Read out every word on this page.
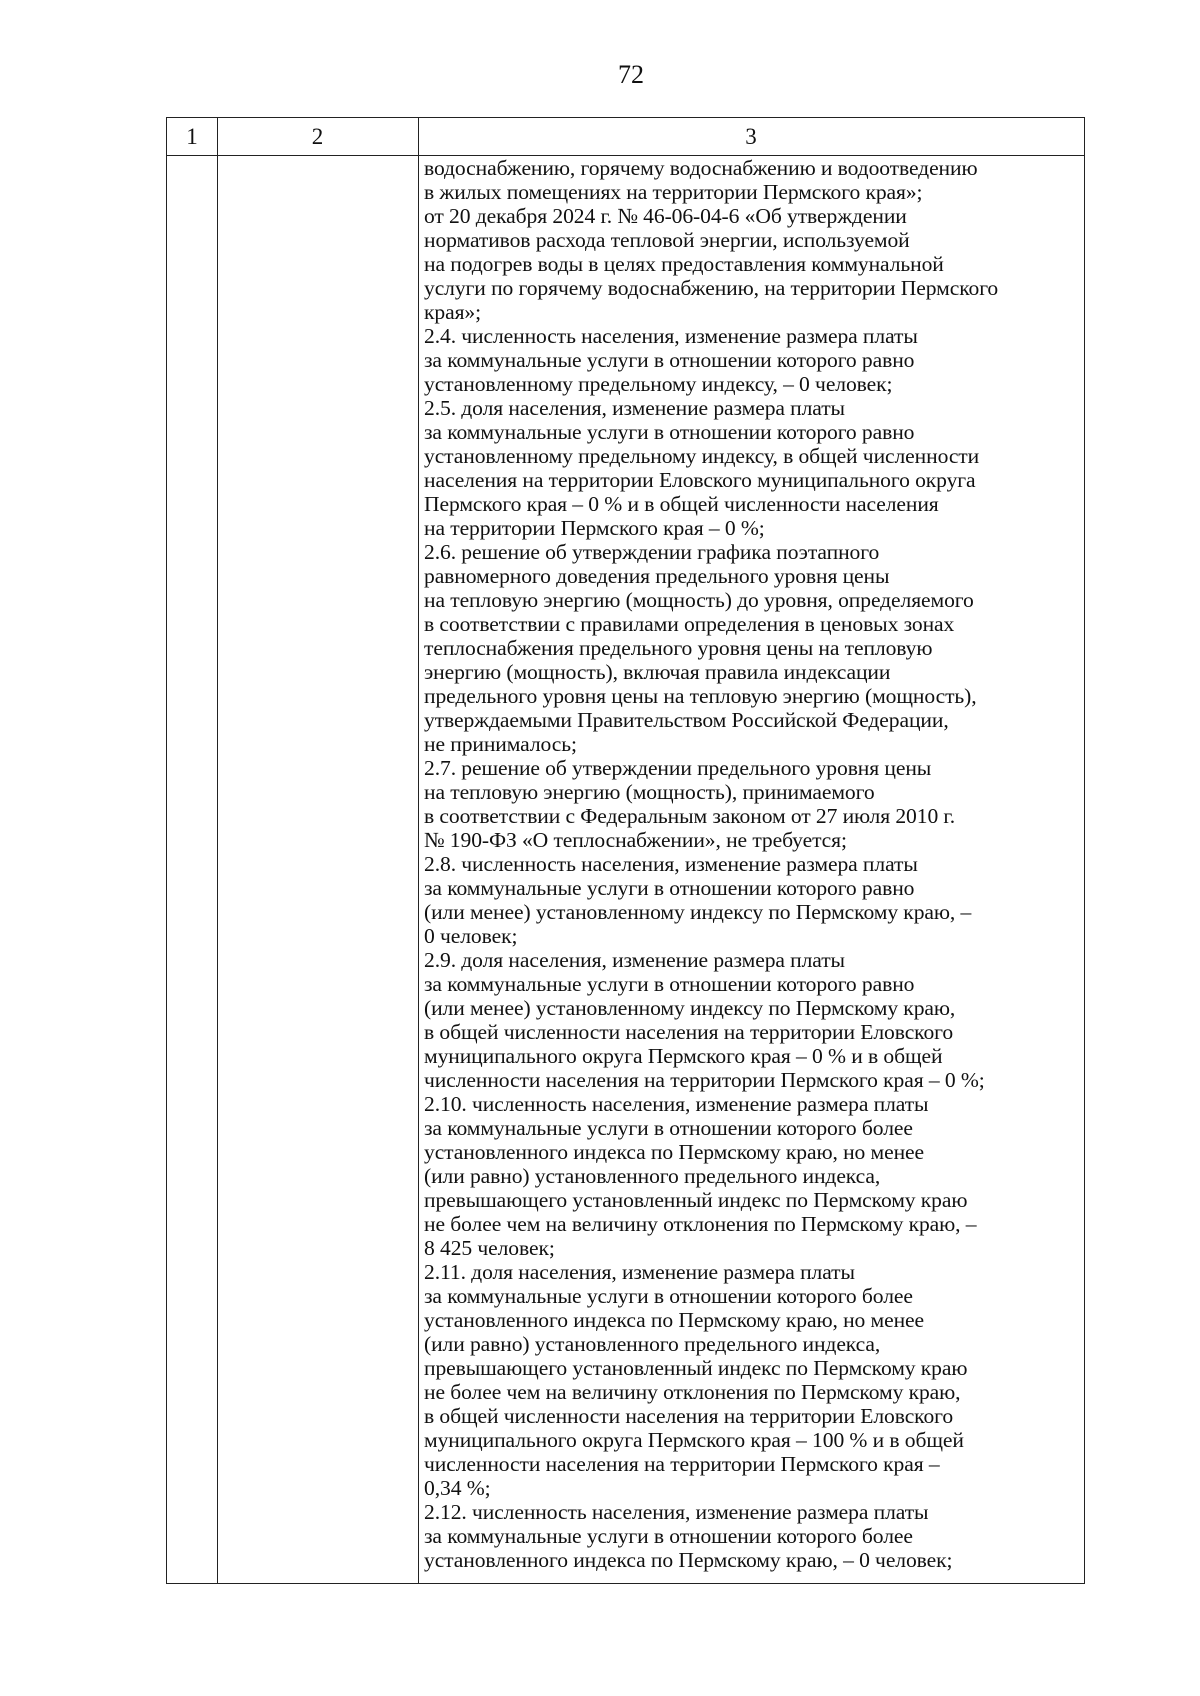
72
1	2	3
водоснабжению, горячему водоснабжению и водоотведению
в жилых помещениях на территории Пермского края»;
от 20 декабря 2024 г. № 46-06-04-6 «Об утверждении
нормативов расхода тепловой энергии, используемой
на подогрев воды в целях предоставления коммунальной
услуги по горячему водоснабжению, на территории Пермского
края»;
2.4. численность населения, изменение размера платы
за коммунальные услуги в отношении которого равно
установленному предельному индексу, – 0 человек;
2.5. доля населения, изменение размера платы
за коммунальные услуги в отношении которого равно
установленному предельному индексу, в общей численности
населения на территории Еловского муниципального округа
Пермского края – 0 % и в общей численности населения
на территории Пермского края – 0 %;
2.6. решение об утверждении графика поэтапного
равномерного доведения предельного уровня цены
на тепловую энергию (мощность) до уровня, определяемого
в соответствии с правилами определения в ценовых зонах
теплоснабжения предельного уровня цены на тепловую
энергию (мощность), включая правила индексации
предельного уровня цены на тепловую энергию (мощность),
утверждаемыми Правительством Российской Федерации,
не принималось;
2.7. решение об утверждении предельного уровня цены
на тепловую энергию (мощность), принимаемого
в соответствии с Федеральным законом от 27 июля 2010 г.
№ 190-ФЗ «О теплоснабжении», не требуется;
2.8. численность населения, изменение размера платы
за коммунальные услуги в отношении которого равно
(или менее) установленному индексу по Пермскому краю, –
0 человек;
2.9. доля населения, изменение размера платы
за коммунальные услуги в отношении которого равно
(или менее) установленному индексу по Пермскому краю,
в общей численности населения на территории Еловского
муниципального округа Пермского края – 0 % и в общей
численности населения на территории Пермского края – 0 %;
2.10. численность населения, изменение размера платы
за коммунальные услуги в отношении которого более
установленного индекса по Пермскому краю, но менее
(или равно) установленного предельного индекса,
превышающего установленный индекс по Пермскому краю
не более чем на величину отклонения по Пермскому краю, –
8 425 человек;
2.11. доля населения, изменение размера платы
за коммунальные услуги в отношении которого более
установленного индекса по Пермскому краю, но менее
(или равно) установленного предельного индекса,
превышающего установленный индекс по Пермскому краю
не более чем на величину отклонения по Пермскому краю,
в общей численности населения на территории Еловского
муниципального округа Пермского края – 100 % и в общей
численности населения на территории Пермского края –
0,34 %;
2.12. численность населения, изменение размера платы
за коммунальные услуги в отношении которого более
установленного индекса по Пермскому краю, – 0 человек;
